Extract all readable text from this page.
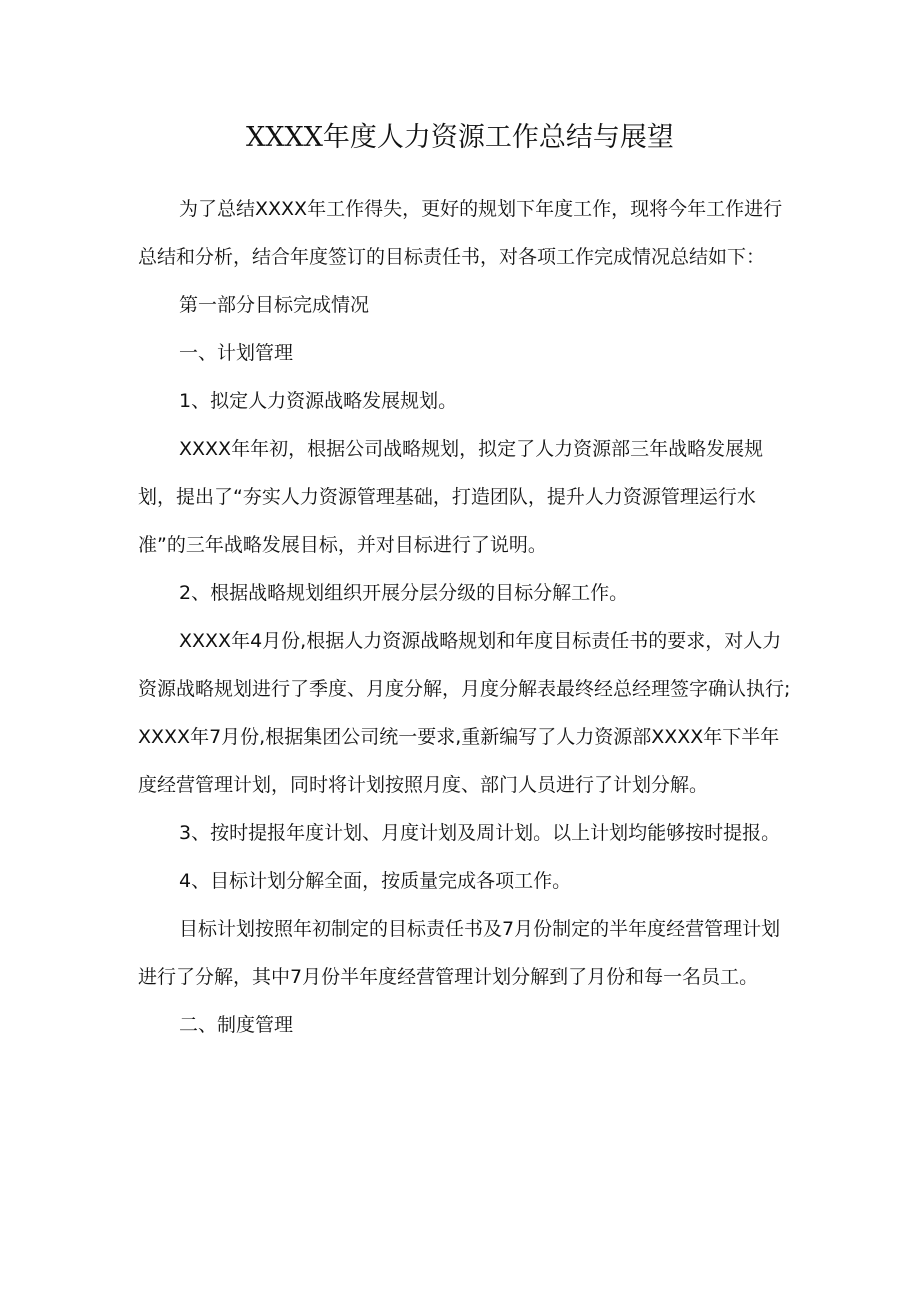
XXXX年度人力资源工作总结与展望

为了总结XXXX年工作得失，更好的规划下年度工作，现将今年工作进行总结和分析，结合年度签订的目标责任书，对各项工作完成情况总结如下：

第一部分目标完成情况

一、计划管理

1、拟定人力资源战略发展规划。

XXXX年年初，根据公司战略规划，拟定了人力资源部三年战略发展规划，提出了“夯实人力资源管理基础，打造团队，提升人力资源管理运行水准”的三年战略发展目标，并对目标进行了说明。

2、根据战略规划组织开展分层分级的目标分解工作。

XXXX年4月份,根据人力资源战略规划和年度目标责任书的要求，对人力资源战略规划进行了季度、月度分解，月度分解表最终经总经理签字确认执行; XXXX年7月份,根据集团公司统一要求,重新编写了人力资源部XXXX年下半年度经营管理计划，同时将计划按照月度、部门人员进行了计划分解。

3、按时提报年度计划、月度计划及周计划。以上计划均能够按时提报。

4、目标计划分解全面，按质量完成各项工作。

目标计划按照年初制定的目标责任书及7月份制定的半年度经营管理计划进行了分解，其中7月份半年度经营管理计划分解到了月份和每一名员工。

二、制度管理
